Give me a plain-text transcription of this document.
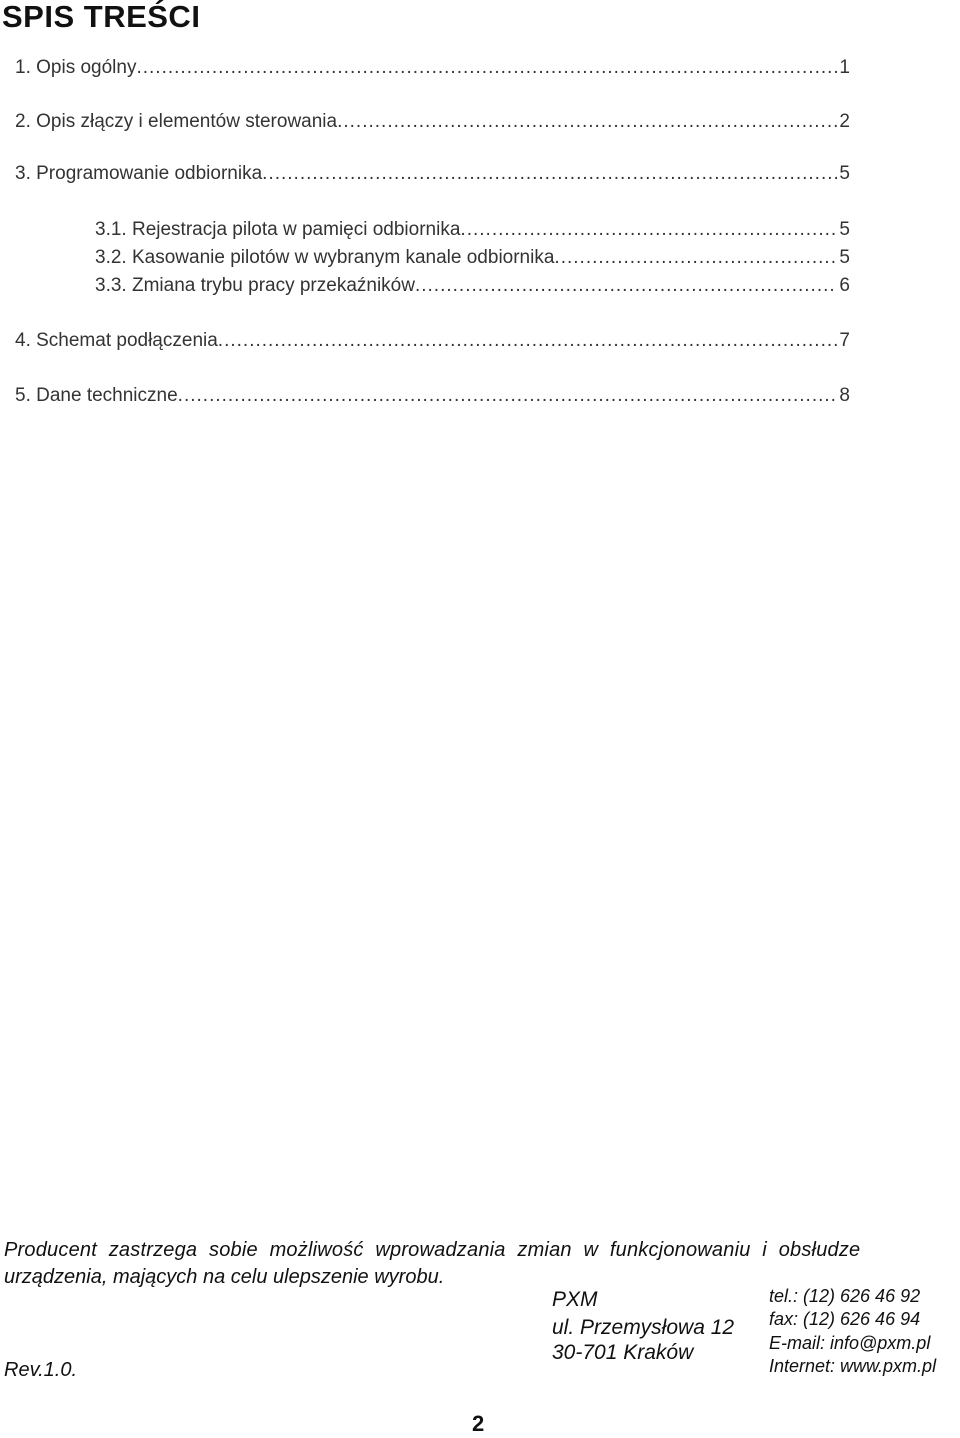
SPIS TREŚCI
1. Opis ogólny .....	1
2. Opis złączy i elementów sterowania .....	2
3. Programowanie odbiornika .....	5
3.1. Rejestracja pilota w pamięci odbiornika .....	5
3.2. Kasowanie pilotów w wybranym kanale odbiornika .....	5
3.3. Zmiana trybu pracy przekaźników .....	6
4. Schemat podłączenia .....	7
5. Dane techniczne .....	8

Producent zastrzega sobie możliwość wprowadzania zmian w funkcjonowaniu i obsłudze

urządzenia, mających na celu ulepszenie wyrobu.

PXM
ul. Przemysłowa 12
30-701 Kraków
tel.: (12) 626 46 92
fax: (12) 626 46 94
E-mail: info@pxm.pl
Internet: www.pxm.pl
Rev.1.0.
2
